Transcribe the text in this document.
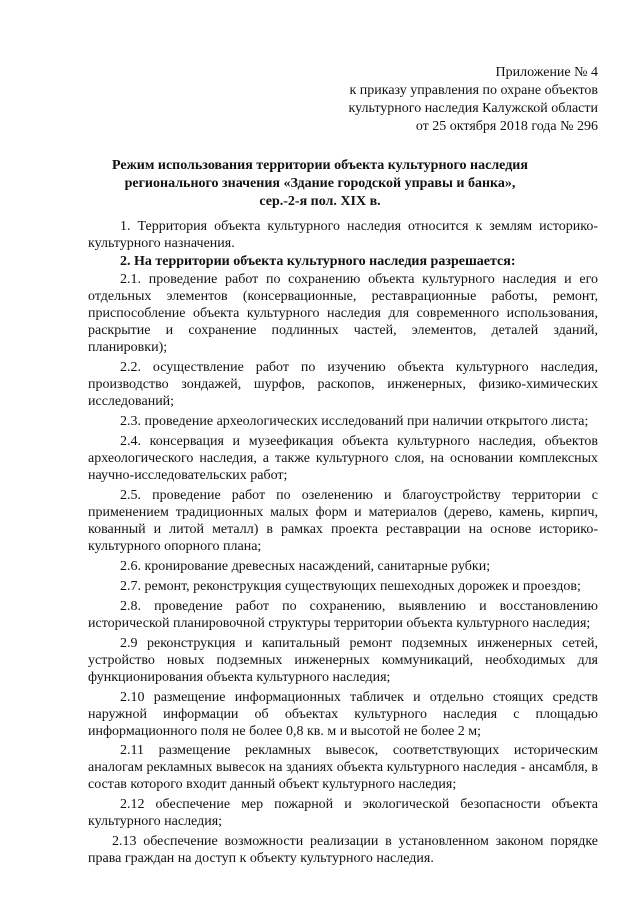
Приложение № 4
к приказу управления по охране объектов
культурного наследия Калужской области
от 25 октября 2018 года № 296
Режим использования территории объекта культурного наследия
регионального значения «Здание городской управы и банка»,
сер.-2-я пол. XIX в.

1. Территория объекта культурного наследия относится к землям историко-культурного назначения.

2. На территории объекта культурного наследия разрешается:

2.1. проведение работ по сохранению объекта культурного наследия и его отдельных элементов (консервационные, реставрационные работы, ремонт, приспособление объекта культурного наследия для современного использования, раскрытие и сохранение подлинных частей, элементов, деталей зданий, планировки);

2.2. осуществление работ по изучению объекта культурного наследия, производство зондажей, шурфов, раскопов, инженерных, физико-химических исследований;

2.3. проведение археологических исследований при наличии открытого листа;

2.4. консервация и музеефикация объекта культурного наследия, объектов археологического наследия, а также культурного слоя, на основании комплексных научно-исследовательских работ;

2.5. проведение работ по озеленению и благоустройству территории с применением традиционных малых форм и материалов (дерево, камень, кирпич, кованный и литой металл) в рамках проекта реставрации на основе историко-культурного опорного плана;

2.6. кронирование древесных насаждений, санитарные рубки;

2.7. ремонт, реконструкция существующих пешеходных дорожек и проездов;

2.8. проведение работ по сохранению, выявлению и восстановлению исторической планировочной структуры территории объекта культурного наследия;

2.9 реконструкция и капитальный ремонт подземных инженерных сетей, устройство новых подземных инженерных коммуникаций, необходимых для функционирования объекта культурного наследия;

2.10 размещение информационных табличек и отдельно стоящих средств наружной информации об объектах культурного наследия с площадью информационного поля не более 0,8 кв. м и высотой не более 2 м;

2.11 размещение рекламных вывесок, соответствующих историческим аналогам рекламных вывесок на зданиях объекта культурного наследия - ансамбля, в состав которого входит данный объект культурного наследия;

2.12 обеспечение мер пожарной и экологической безопасности объекта культурного наследия;

2.13 обеспечение возможности реализации в установленном законом порядке права граждан на доступ к объекту культурного наследия.
